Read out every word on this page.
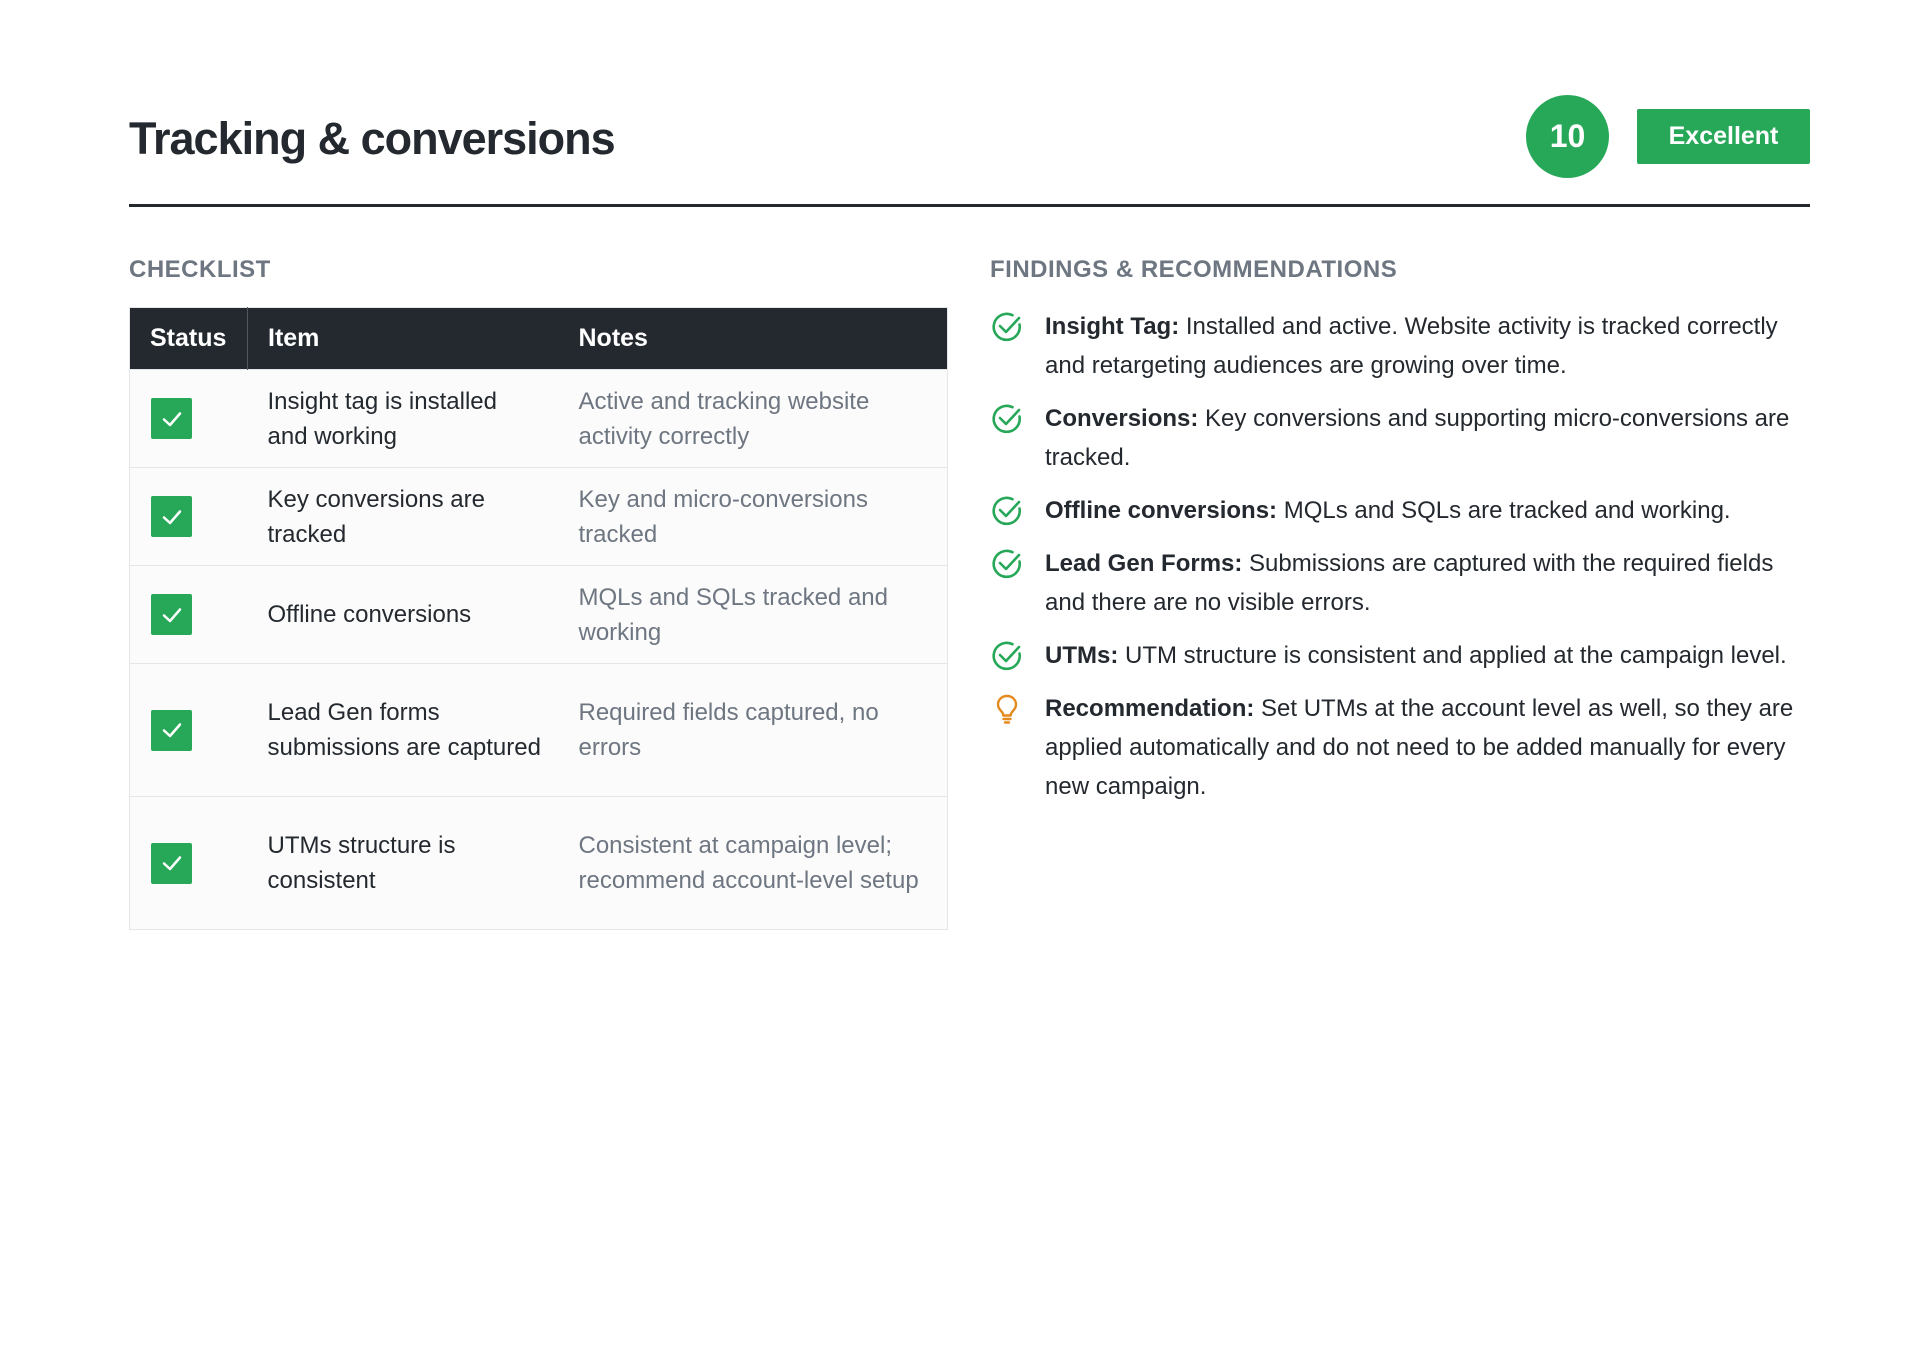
Tracking & conversions	10	Excellent
CHECKLIST
Status	Item	Notes

	Insight tag is installed and working	Active and tracking website activity correctly

	Key conversions are tracked	Key and micro-conversions tracked

	Offline conversions	MQLs and SQLs tracked and working

	Lead Gen forms submissions are captured	Required fields captured, no errors

	UTMs structure is consistent	Consistent at campaign level; recommend account-level setup
FINDINGS & RECOMMENDATIONS
Insight Tag: Installed and active. Website activity is tracked correctly and retargeting audiences are growing over time.
Conversions: Key conversions and supporting micro-conversions are tracked.
Offline conversions: MQLs and SQLs are tracked and working.
Lead Gen Forms: Submissions are captured with the required fields and there are no visible errors.
UTMs: UTM structure is consistent and applied at the campaign level.
Recommendation: Set UTMs at the account level as well, so they are applied automatically and do not need to be added manually for every new campaign.
